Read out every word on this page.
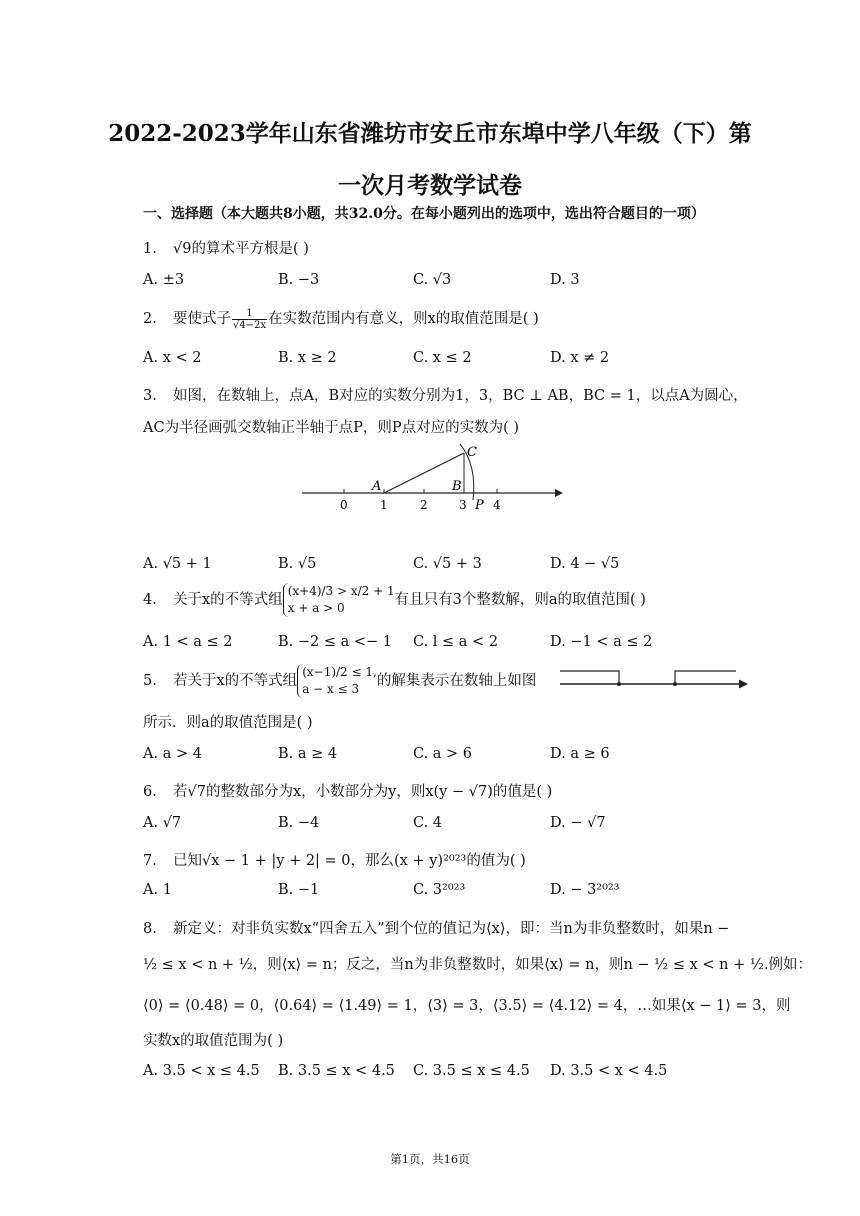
2022-2023学年山东省潍坊市安丘市东埠中学八年级（下）第一次月考数学试卷
一、选择题（本大题共8小题，共32.0分。在每小题列出的选项中，选出符合题目的一项）
1. √9的算术平方根是( )
A. ±3	B. −3	C. √3	D. 3
2. 要使式子 $\frac{1}{√4-2x}$ 在实数范围内有意义，则x的取值范围是( )
A. x < 2	B. x ≥ 2	C. x ≤ 2	D. x ≠ 2
3. 如图，在数轴上，点A，B对应的实数分别为1，3，BC ⊥ AB，BC = 1，以点A为圆心，
AC为半径画弧交数轴正半轴于点P，则P点对应的实数为( )
C
A	B
P
0	1	2	3 4
A. √5 + 1	B. √5	C. √5 + 3	D. 4 − √5
4. 关于x的不等式组
(x+4)/3 > x/2 + 1
x + a > 0	有且只有3个整数解，则a的取值范围( )
A. 1 < a ≤ 2	B. −2 ≤ a <− 1 C. l ≤ a < 2	D. −1 < a ≤ 2
5. 若关于x的不等式组
(x−1)/2 ≤ 1,
a − x ≤ 3	的解集表示在数轴上如图
所示．则a的取值范围是( )
A. a > 4	B. a ≥ 4	C. a > 6	D. a ≥ 6
6. 若√7的整数部分为x，小数部分为y，则x(y − √7)的值是( )
A. √7	B. −4	C. 4	D. − √7
7. 已知√x − 1 + |y + 2| = 0，那么(x + y)²⁰²³的值为( )
A. 1	B. −1	C. 3²⁰²³	D. − 3²⁰²³
8. 新定义：对非负实数x“四舍五入”到个位的值记为⟨x⟩，即：当n为非负整数时，如果n −
½ ≤ x < n + ½，则⟨x⟩ = n；反之，当n为非负整数时，如果⟨x⟩ = n，则n − ½ ≤ x < n + ½.例如：
⟨0⟩ = ⟨0.48⟩ = 0，⟨0.64⟩ = ⟨1.49⟩ = 1，⟨3⟩ = 3，⟨3.5⟩ = ⟨4.12⟩ = 4，…如果⟨x − 1⟩ = 3，则
实数x的取值范围为( )
A. 3.5 < x ≤ 4.5 B. 3.5 ≤ x < 4.5 C. 3.5 ≤ x ≤ 4.5 D. 3.5 < x < 4.5
第1页，共16页
